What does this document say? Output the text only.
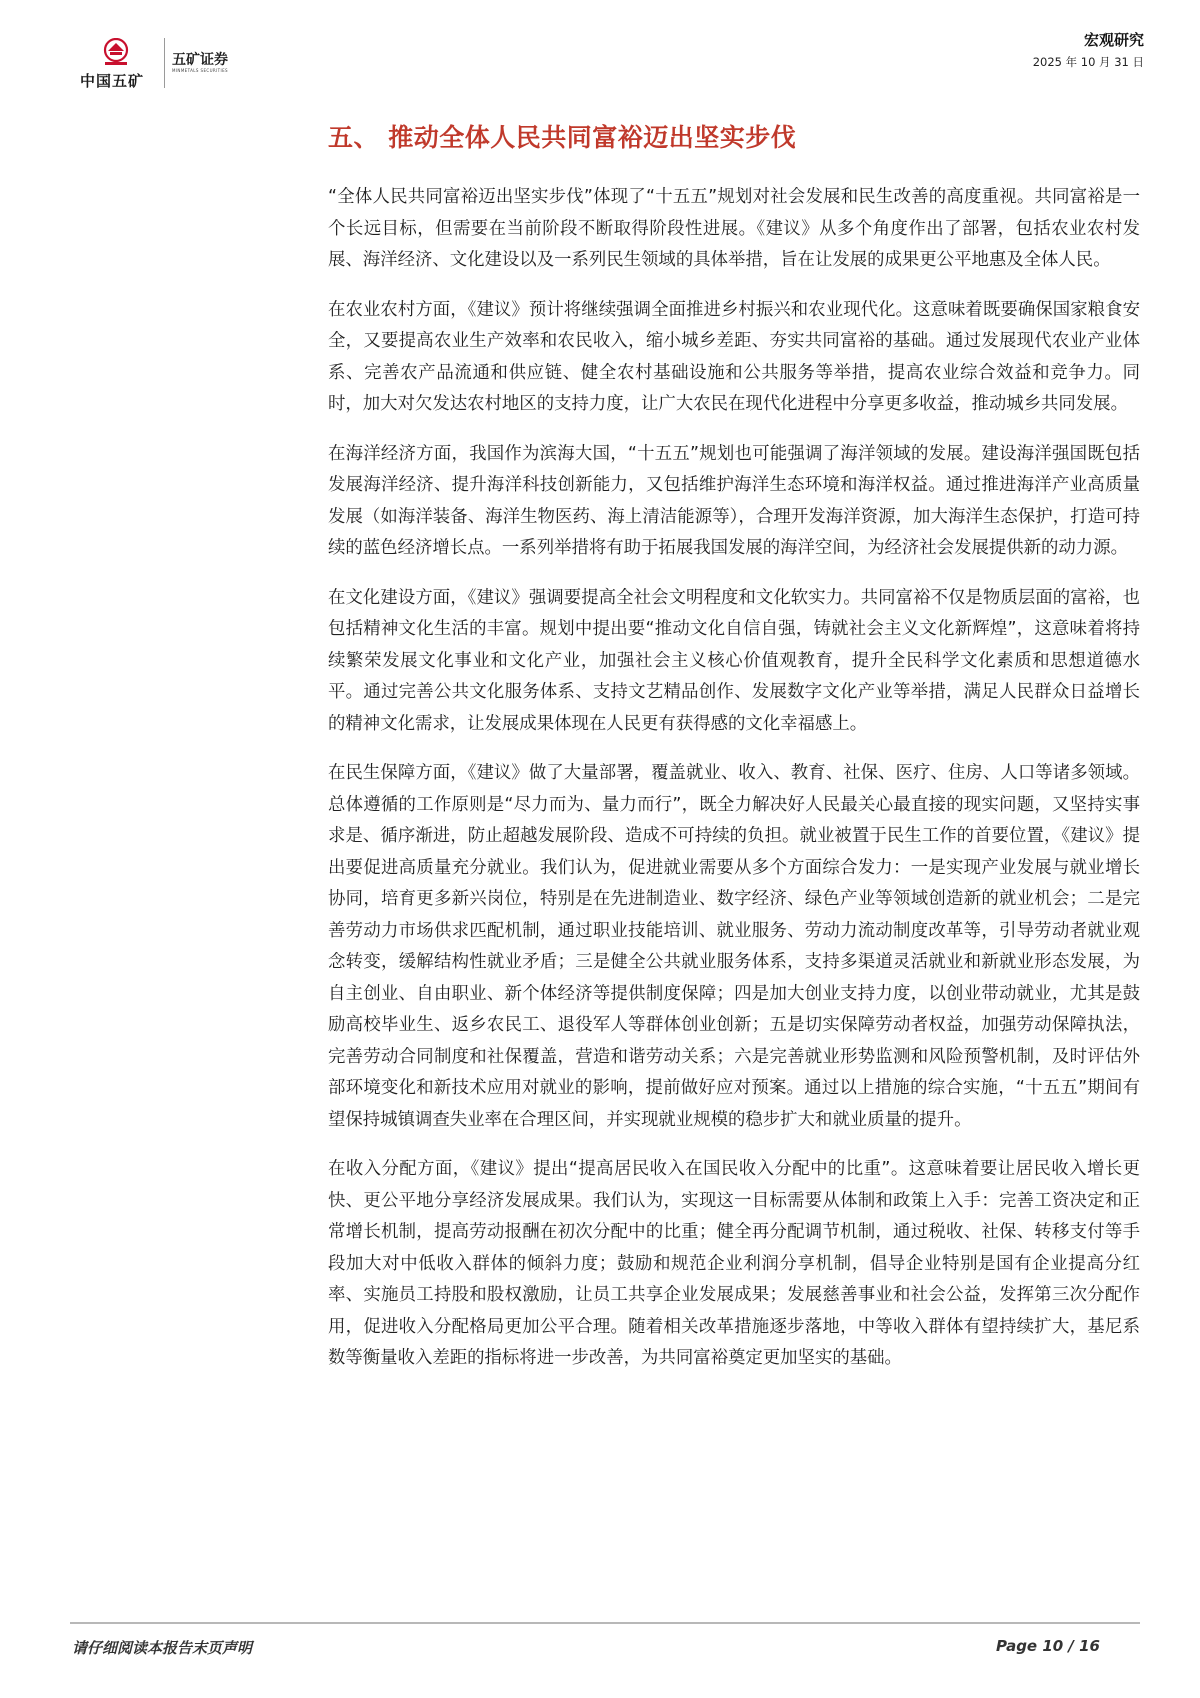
中国五矿
五矿证券
MINMETALS SECURITIES
宏观研究
2025 年 10 月 31 日
五、 推动全体人民共同富裕迈出坚实步伐

“全体人民共同富裕迈出坚实步伐”体现了“十五五”规划对社会发展和民生改善的高度重视。共同富裕是一个长远目标，但需要在当前阶段不断取得阶段性进展。《建议》从多个角度作出了部署，包括农业农村发展、海洋经济、文化建设以及一系列民生领域的具体举措，旨在让发展的成果更公平地惠及全体人民。

在农业农村方面，《建议》预计将继续强调全面推进乡村振兴和农业现代化。这意味着既要确保国家粮食安全，又要提高农业生产效率和农民收入，缩小城乡差距、夯实共同富裕的基础。通过发展现代农业产业体系、完善农产品流通和供应链、健全农村基础设施和公共服务等举措，提高农业综合效益和竞争力。同时，加大对欠发达农村地区的支持力度，让广大农民在现代化进程中分享更多收益，推动城乡共同发展。

在海洋经济方面，我国作为滨海大国，“十五五”规划也可能强调了海洋领域的发展。建设海洋强国既包括发展海洋经济、提升海洋科技创新能力，又包括维护海洋生态环境和海洋权益。通过推进海洋产业高质量发展（如海洋装备、海洋生物医药、海上清洁能源等），合理开发海洋资源，加大海洋生态保护，打造可持续的蓝色经济增长点。一系列举措将有助于拓展我国发展的海洋空间，为经济社会发展提供新的动力源。

在文化建设方面，《建议》强调要提高全社会文明程度和文化软实力。共同富裕不仅是物质层面的富裕，也包括精神文化生活的丰富。规划中提出要“推动文化自信自强，铸就社会主义文化新辉煌”，这意味着将持续繁荣发展文化事业和文化产业，加强社会主义核心价值观教育，提升全民科学文化素质和思想道德水平。通过完善公共文化服务体系、支持文艺精品创作、发展数字文化产业等举措，满足人民群众日益增长的精神文化需求，让发展成果体现在人民更有获得感的文化幸福感上。

在民生保障方面，《建议》做了大量部署，覆盖就业、收入、教育、社保、医疗、住房、人口等诸多领域。总体遵循的工作原则是“尽力而为、量力而行”，既全力解决好人民最关心最直接的现实问题，又坚持实事求是、循序渐进，防止超越发展阶段、造成不可持续的负担。就业被置于民生工作的首要位置，《建议》提出要促进高质量充分就业。我们认为，促进就业需要从多个方面综合发力：一是实现产业发展与就业增长协同，培育更多新兴岗位，特别是在先进制造业、数字经济、绿色产业等领域创造新的就业机会；二是完善劳动力市场供求匹配机制，通过职业技能培训、就业服务、劳动力流动制度改革等，引导劳动者就业观念转变，缓解结构性就业矛盾；三是健全公共就业服务体系，支持多渠道灵活就业和新就业形态发展，为自主创业、自由职业、新个体经济等提供制度保障；四是加大创业支持力度，以创业带动就业，尤其是鼓励高校毕业生、返乡农民工、退役军人等群体创业创新；五是切实保障劳动者权益，加强劳动保障执法，完善劳动合同制度和社保覆盖，营造和谐劳动关系；六是完善就业形势监测和风险预警机制，及时评估外部环境变化和新技术应用对就业的影响，提前做好应对预案。通过以上措施的综合实施，“十五五”期间有望保持城镇调查失业率在合理区间，并实现就业规模的稳步扩大和就业质量的提升。

在收入分配方面，《建议》提出“提高居民收入在国民收入分配中的比重”。这意味着要让居民收入增长更快、更公平地分享经济发展成果。我们认为，实现这一目标需要从体制和政策上入手：完善工资决定和正常增长机制，提高劳动报酬在初次分配中的比重；健全再分配调节机制，通过税收、社保、转移支付等手段加大对中低收入群体的倾斜力度；鼓励和规范企业利润分享机制，倡导企业特别是国有企业提高分红率、实施员工持股和股权激励，让员工共享企业发展成果；发展慈善事业和社会公益，发挥第三次分配作用，促进收入分配格局更加公平合理。随着相关改革措施逐步落地，中等收入群体有望持续扩大，基尼系数等衡量收入差距的指标将进一步改善，为共同富裕奠定更加坚实的基础。

请仔细阅读本报告末页声明	Page 10 / 16
